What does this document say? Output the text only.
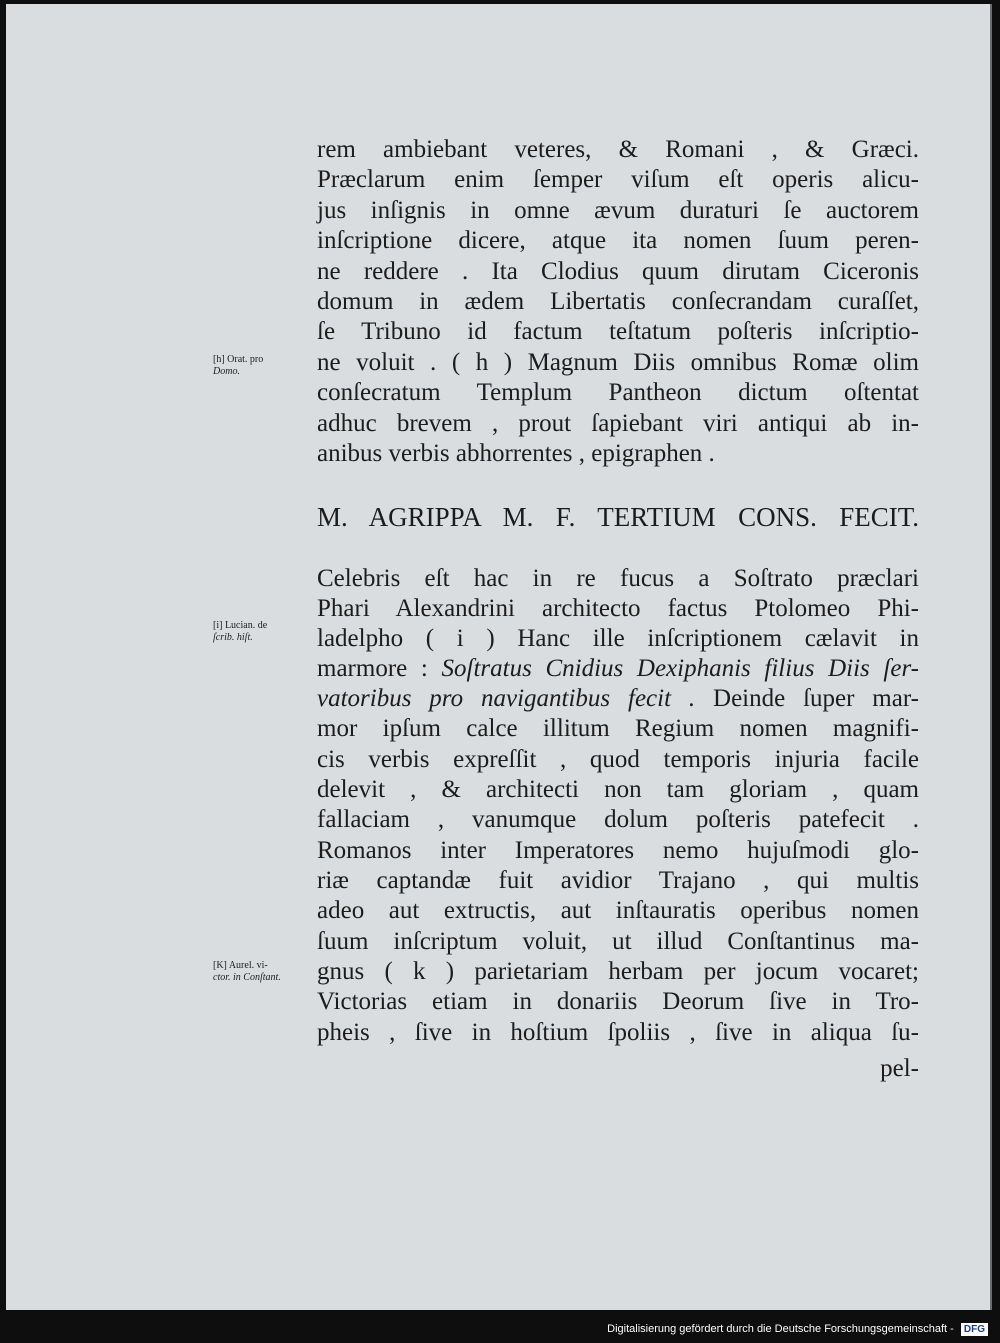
rem ambiebant veteres, & Romani , & Græci.
Præclarum enim ſemper viſum eſt operis alicu-
jus inſignis in omne ævum duraturi ſe auctorem
inſcriptione dicere, atque ita nomen ſuum peren-
ne reddere . Ita Clodius quum dirutam Ciceronis
domum in ædem Libertatis conſecrandam curaſſet,
ſe Tribuno id factum teſtatum poſteris inſcriptio-
ne voluit . ( h ) Magnum Diis omnibus Romæ olim
conſecratum Templum Pantheon dictum oſtentat
adhuc brevem , prout ſapiebant viri antiqui ab in-
anibus verbis abhorrentes , epigraphen .
M. AGRIPPA M. F. TERTIUM CONS. FECIT.
Celebris eſt hac in re fucus a Soſtrato præclari
Phari Alexandrini architecto factus Ptolomeo Phi-
ladelpho ( i ) Hanc ille inſcriptionem cælavit in
marmore : Soſtratus Cnidius Dexiphanis filius Diis ſer-
vatoribus pro navigantibus fecit . Deinde ſuper mar-
mor ipſum calce illitum Regium nomen magnifi-
cis verbis expreſſit , quod temporis injuria facile
delevit , & architecti non tam gloriam , quam
fallaciam , vanumque dolum poſteris patefecit .
Romanos inter Imperatores nemo hujuſmodi glo-
riæ captandæ fuit avidior Trajano , qui multis
adeo aut extructis, aut inſtauratis operibus nomen
ſuum inſcriptum voluit, ut illud Conſtantinus ma-
gnus ( k ) parietariam herbam per jocum vocaret;
Victorias etiam in donariis Deorum ſive in Tro-
pheis , ſive in hoſtium ſpoliis , ſive in aliqua ſu-
pel-
[h] Orat. pro
Domo.
[i] Lucian. de
ſcrib. hiſt.
[K] Aurel. vi-
ctor. in Conſtant.
Digitalisierung gefördert durch die Deutsche Forschungsgemeinschaft - DFG
